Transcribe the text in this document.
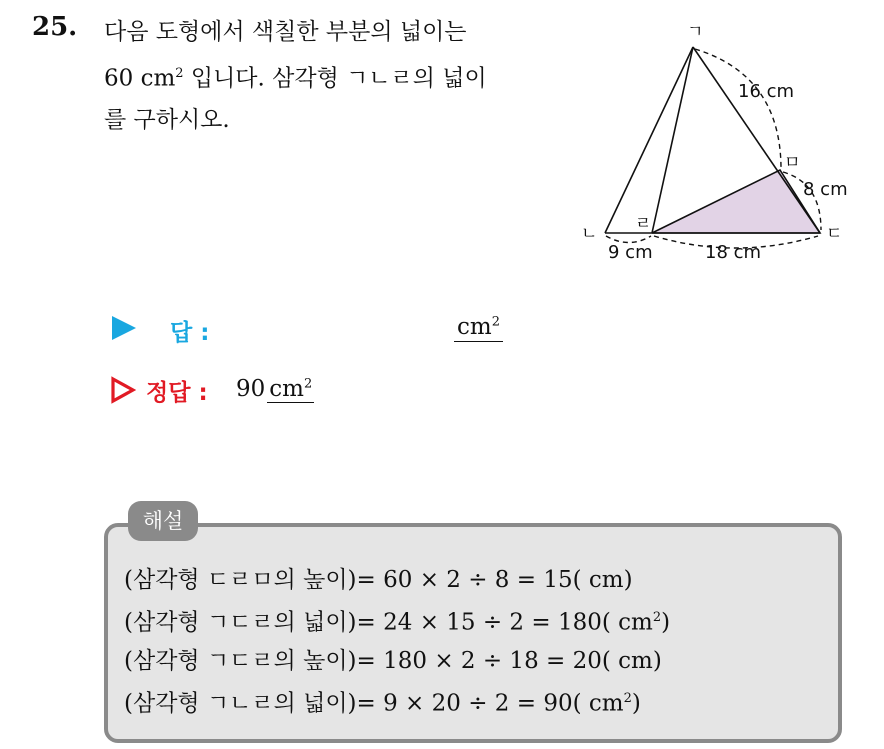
25. 다음 도형에서 색칠한 부분의 넓이는
60 $cm^2$ 입니다. 삼각형 ㄱㄴㄹ의 넓이
를 구하시오.
ㄱ
ㄴ	ㄷ
ㄹ
ㅁ
16 cm
8 cm
9 cm	18 cm
답 :	$cm^2$
정답 : 90 $cm^2$
해설
(삼각형 ㄷㄹㅁ의 높이)= 60 × 2 ÷ 8 = 15( cm)
(삼각형 ㄱㄷㄹ의 넓이)= 24 × 15 ÷ 2 = 180( $cm^2$)
(삼각형 ㄱㄷㄹ의 높이)= 180 × 2 ÷ 18 = 20( cm)
(삼각형 ㄱㄴㄹ의 넓이)= 9 × 20 ÷ 2 = 90( $cm^2$)
